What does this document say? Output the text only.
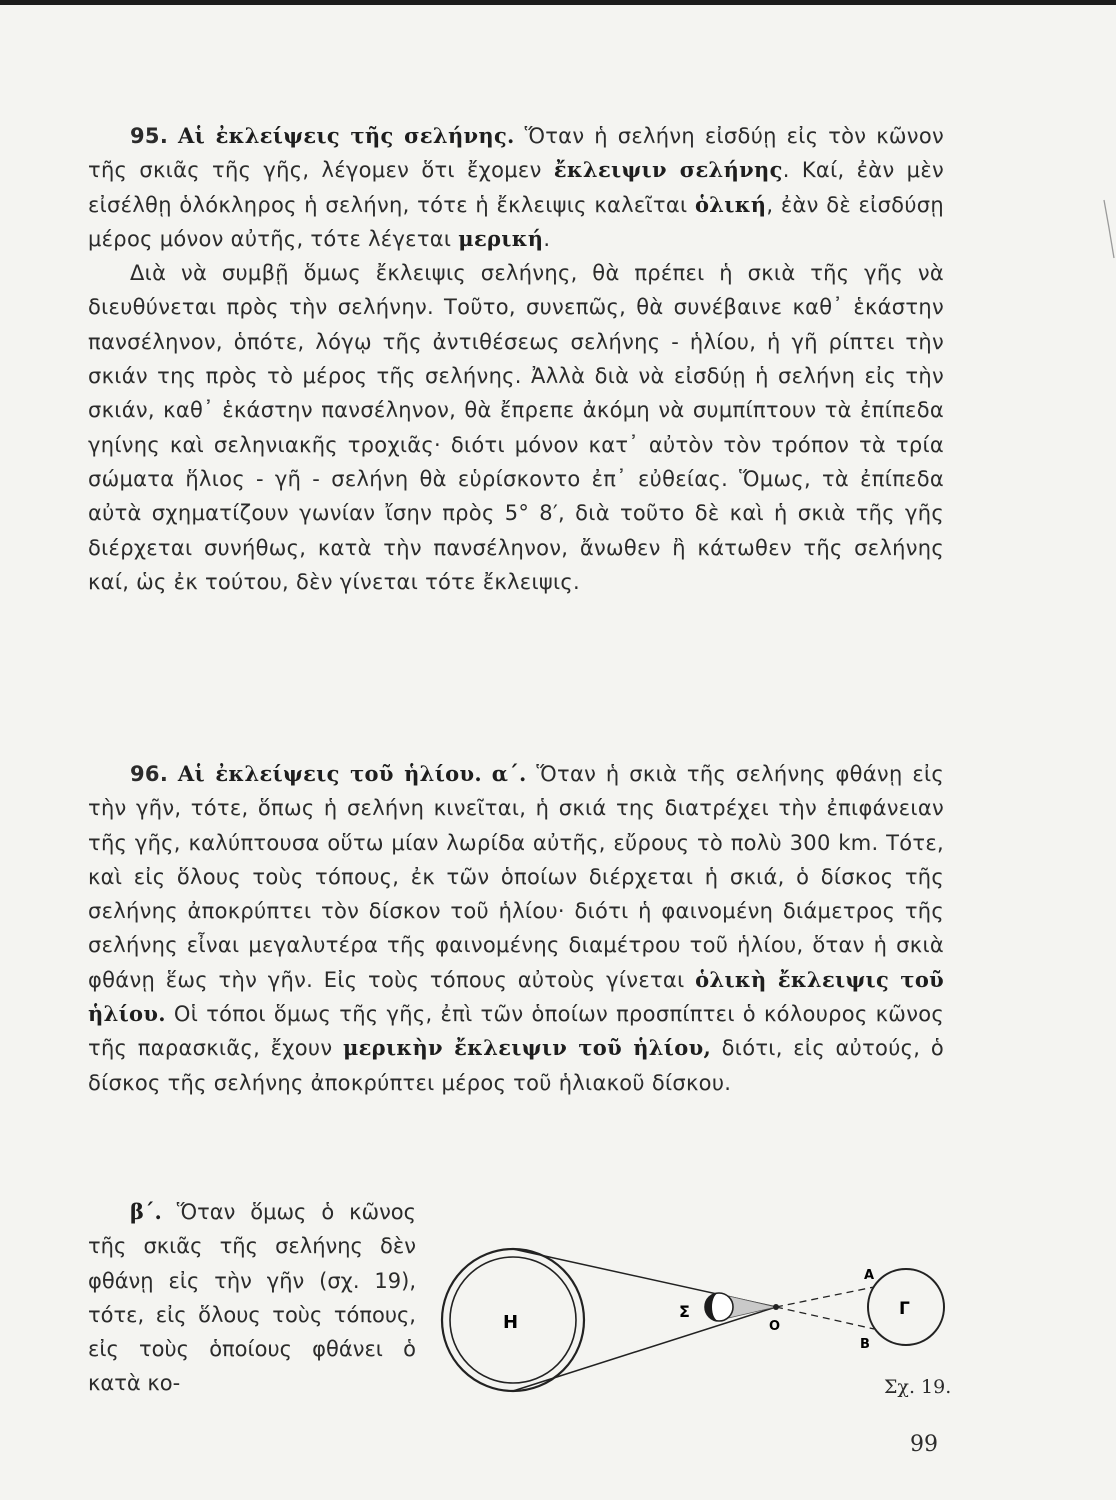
95. Αἱ ἐκλείψεις τῆς σελήνης. Ὅταν ἡ σελήνη εἰσδύῃ εἰς τὸν κῶνον τῆς σκιᾶς τῆς γῆς, λέγομεν ὅτι ἔχομεν ἔκλειψιν σελήνης. Καί, ἐὰν μὲν εἰσέλθῃ ὁλόκληρος ἡ σελήνη, τότε ἡ ἔκλειψις καλεῖται ὁλική, ἐὰν δὲ εἰσδύσῃ μέρος μόνον αὐτῆς, τότε λέγεται μερική.

Διὰ νὰ συμβῇ ὅμως ἔκλειψις σελήνης, θὰ πρέπει ἡ σκιὰ τῆς γῆς νὰ διευθύνεται πρὸς τὴν σελήνην. Τοῦτο, συνεπῶς, θὰ συνέβαινε καθ᾿ ἑκάστην πανσέληνον, ὁπότε, λόγῳ τῆς ἀντιθέσεως σελήνης - ἡλίου, ἡ γῆ ρίπτει τὴν σκιάν της πρὸς τὸ μέρος τῆς σελήνης. Ἀλλὰ διὰ νὰ εἰσδύῃ ἡ σελήνη εἰς τὴν σκιάν, καθ᾿ ἑκάστην πανσέληνον, θὰ ἔπρεπε ἀκόμη νὰ συμπίπτουν τὰ ἐπίπεδα γηίνης καὶ σεληνιακῆς τροχιᾶς· διότι μόνον κατ᾿ αὐτὸν τὸν τρόπον τὰ τρία σώματα ἥλιος - γῆ - σελήνη θὰ εὑρίσκοντο ἐπ᾿ εὐθείας. Ὅμως, τὰ ἐπίπεδα αὐτὰ σχηματίζουν γωνίαν ἴσην πρὸς 5° 8′, διὰ τοῦτο δὲ καὶ ἡ σκιὰ τῆς γῆς διέρχεται συνήθως, κατὰ τὴν πανσέληνον, ἄνωθεν ἢ κάτωθεν τῆς σελήνης καί, ὡς ἐκ τούτου, δὲν γίνεται τότε ἔκλειψις.

96. Αἱ ἐκλείψεις τοῦ ἡλίου. α΄. Ὅταν ἡ σκιὰ τῆς σελήνης φθάνῃ εἰς τὴν γῆν, τότε, ὅπως ἡ σελήνη κινεῖται, ἡ σκιά της διατρέχει τὴν ἐπιφάνειαν τῆς γῆς, καλύπτουσα οὕτω μίαν λωρίδα αὐτῆς, εὔρους τὸ πολὺ 300 km. Τότε, καὶ εἰς ὅλους τοὺς τόπους, ἐκ τῶν ὁποίων διέρχεται ἡ σκιά, ὁ δίσκος τῆς σελήνης ἀποκρύπτει τὸν δίσκον τοῦ ἡλίου· διότι ἡ φαινομένη διάμετρος τῆς σελήνης εἶναι μεγαλυτέρα τῆς φαινομένης διαμέτρου τοῦ ἡλίου, ὅταν ἡ σκιὰ φθάνῃ ἕως τὴν γῆν. Εἰς τοὺς τόπους αὐτοὺς γίνεται ὁλικὴ ἔκλειψις τοῦ ἡλίου. Οἱ τόποι ὅμως τῆς γῆς, ἐπὶ τῶν ὁποίων προσπίπτει ὁ κόλουρος κῶνος τῆς παρασκιᾶς, ἔχουν μερικὴν ἔκλειψιν τοῦ ἡλίου, διότι, εἰς αὐτούς, ὁ δίσκος τῆς σελήνης ἀποκρύπτει μέρος τοῦ ἡλιακοῦ δίσκου.

β΄. Ὅταν ὅμως ὁ κῶνος τῆς σκιᾶς τῆς σελήνης δὲν φθάνῃ εἰς τὴν γῆν (σχ. 19), τότε, εἰς ὅλους τοὺς τόπους, εἰς τοὺς ὁποίους φθάνει ὁ κατὰ κο-

Η
Σ
Ο
Γ
Α
Β
Σχ. 19.
99
